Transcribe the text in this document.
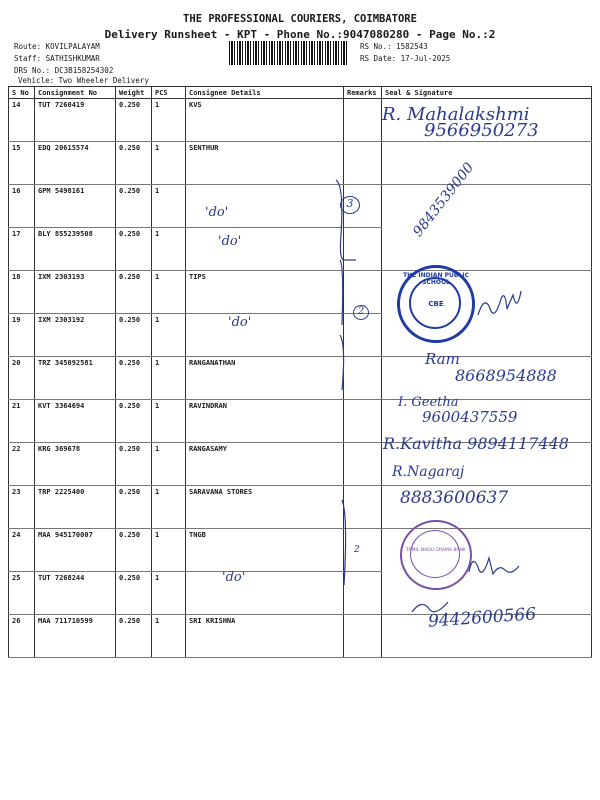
THE PROFESSIONAL COURIERS, COIMBATORE
Delivery Runsheet - KPT - Phone No.:9047080280 - Page No.:2
Route: KOVILPALAYAM
Staff: SATHISHKUMAR
DRS No.: DC3B158254302
Vehicle: Two Wheeler Delivery
RS No.: 1582543
RS Date: 17-Jul-2025
S No	Consignment No	Weight	PCS	Consignee Details	Remarks	Seal & Signature
14	TUT 7260419	0.250	1	KVS		
15	EDQ 20615574	0.250	1	SENTHUR		
16	GPM 5498161	0.250	1			
17	BLY 855239508	0.250	1			
18	IXM 2303193	0.250	1	TIPS		
19	IXM 2303192	0.250	1			
20	TRZ 345092581	0.250	1	RANGANATHAN		
21	KVT 3364694	0.250	1	RAVINDRAN		
22	KRG 369678	0.250	1	RANGASAMY		
23	TRP 2225400	0.250	1	SARAVANA STORES		
24	MAA 945170007	0.250	1	TNGB		
25	TUT 7268244	0.250	1			
26	MAA 711710599	0.250	1	SRI KRISHNA		
3
2
2
'do'
'do'
'do'
'do'
R. Mahalakshmi
9566950273
9843539000
THE INDIAN PUBLIC SCHOOL
CBE
Ram
8668954888
I. Geetha
9600437559
R.Kavitha 9894117448
R.Nagaraj
8883600637
TAMIL NADU GRAMA BANK
9442600566
